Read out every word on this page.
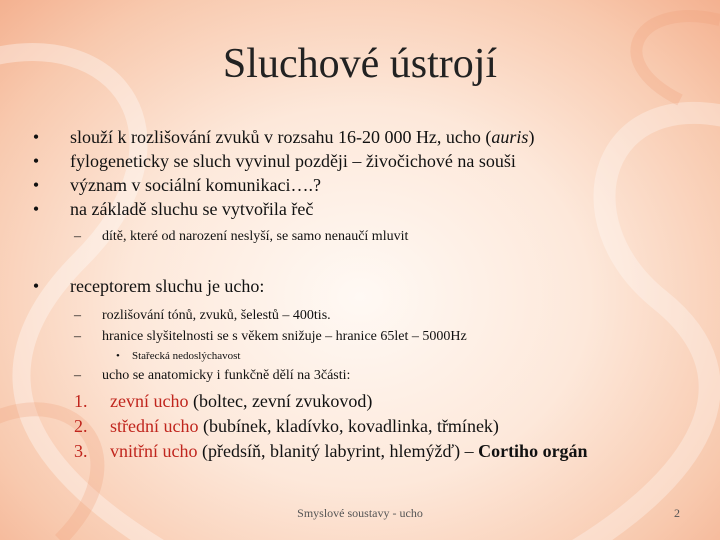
Sluchové ústrojí
• slouží k rozlišování zvuků v rozsahu 16-20 000 Hz, ucho (auris)
• fylogeneticky se sluch vyvinul později – živočichové na souši
• význam v sociální komunikaci….?
• na základě sluchu se vytvořila řeč
– dítě, které od narození neslyší, se samo nenaučí mluvit
• receptorem sluchu je ucho:
– rozlišování tónů, zvuků, šelestů – 400tis.
– hranice slyšitelnosti se s věkem snižuje – hranice 65let – 5000Hz
• Stařecká nedoslýchavost
– ucho se anatomicky i funkčně dělí na 3části:
1. zevní ucho (boltec, zevní zvukovod)
2. střední ucho (bubínek, kladívko, kovadlinka, třmínek)
3. vnitřní ucho (předsíň, blanitý labyrint, hlemýžď) – Cortiho orgán
Smyslové soustavy - ucho	2
